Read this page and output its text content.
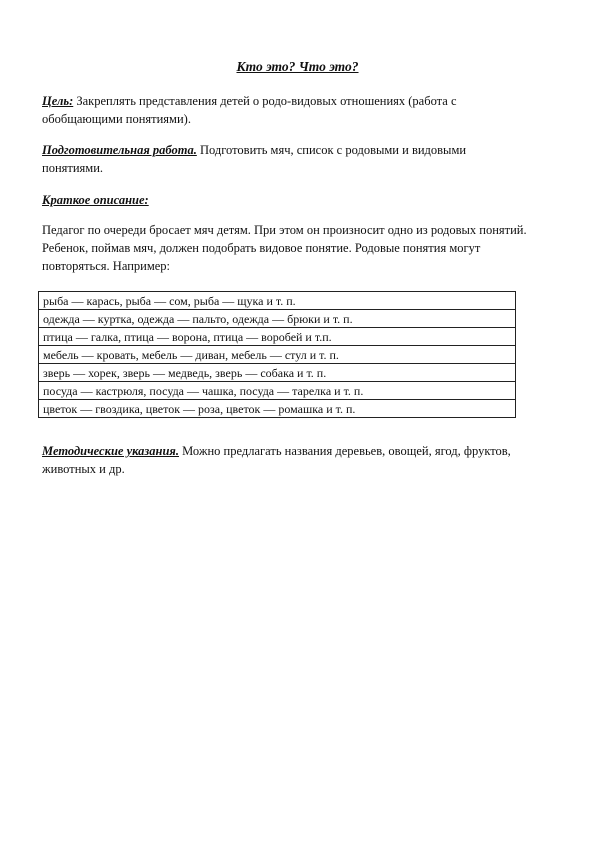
Кто это? Что это?
Цель: Закреплять представления детей о родо-видовых отношениях (работа с обобщающими понятиями).
Подготовительная работа. Подготовить мяч, список с родовыми и видовыми понятиями.
Краткое описание:
Педагог по очереди бросает мяч детям. При этом он произносит одно из родовых понятий. Ребенок, поймав мяч, должен подобрать видовое понятие. Родовые понятия могут повторяться. Например:
рыба — карась, рыба — сом, рыба — щука и т. п.
одежда — куртка, одежда — пальто, одежда — брюки и т. п.
птица — галка, птица — ворона, птица — воробей и т.п.
мебель — кровать, мебель — диван, мебель — стул и т. п.
зверь — хорек, зверь — медведь, зверь — собака и т. п.
посуда — кастрюля, посуда — чашка, посуда — тарелка и т. п.
цветок — гвоздика, цветок — роза, цветок — ромашка и т. п.
Методические указания. Можно предлагать названия деревьев, овощей, ягод, фруктов, животных и др.
